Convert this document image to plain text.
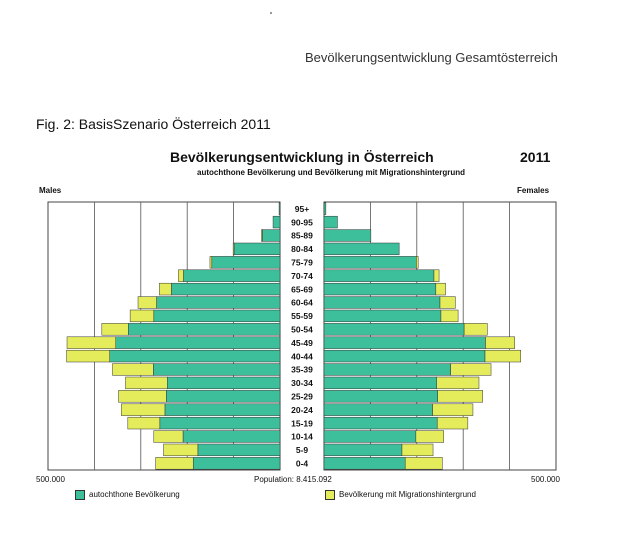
Bevölkerungsentwicklung Gesamtösterreich
Fig. 2: BasisSzenario Österreich 2011
Bevölkerungsentwicklung in Österreich	2011
autochthone Bevölkerung und Bevölkerung mit Migrationshintergrund
Males	Females
95+
90-95
85-89
80-84
75-79
70-74
65-69
60-64
55-59
50-54
45-49
40-44
35-39
30-34
25-29
20-24
15-19
10-14
5-9
0-4
500.000	Population: 8.415.092	500.000
autochthone Bevölkerung	Bevölkerung mit Migrationshintergrund
